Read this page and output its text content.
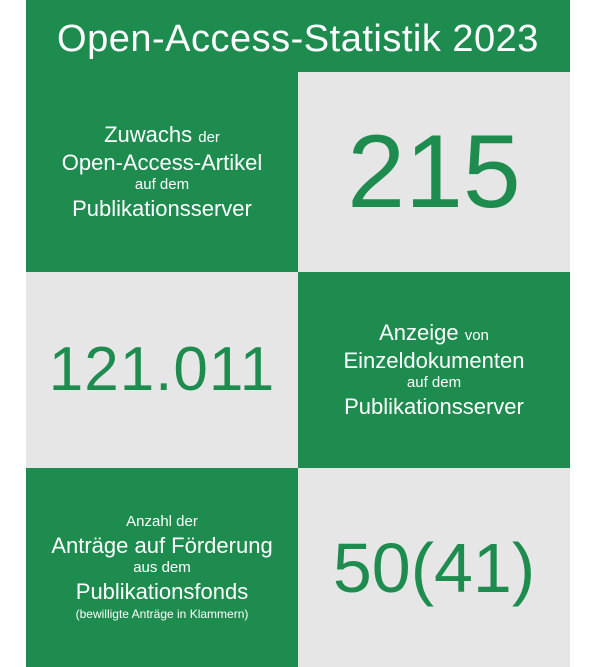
Open-Access-Statistik 2023
Zuwachs der
Open-Access-Artikel
auf dem
Publikationsserver 215
121.011
Anzeige von
Einzeldokumenten
auf dem
Publikationsserver
Anzahl der
Anträge auf Förderung
aus dem
Publikationsfonds
(bewilligte Anträge in Klammern)
50(41)
